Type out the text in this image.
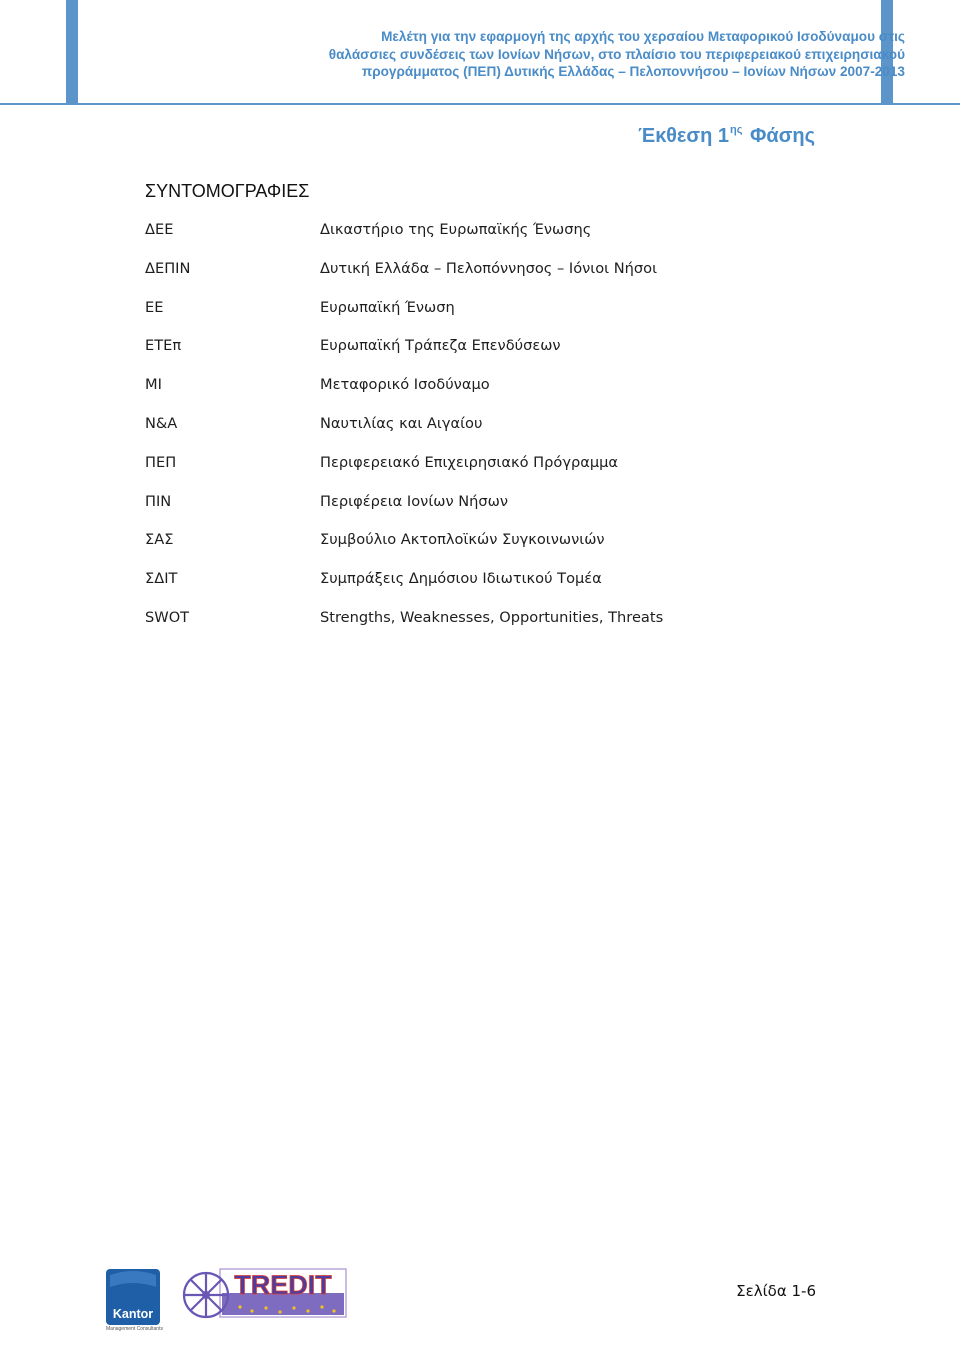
Μελέτη για την εφαρμογή της αρχής του χερσαίου Μεταφορικού Ισοδύναμου στις
θαλάσσιες συνδέσεις των Ιονίων Νήσων, στο πλαίσιο του περιφερειακού επιχειρησιακού
προγράμματος (ΠΕΠ) Δυτικής Ελλάδας – Πελοποννήσου – Ιονίων Νήσων 2007-2013
Έκθεση $1^{\eta\varsigma}$ Φάσης
ΣΥΝΤΟΜΟΓΡΑΦΙΕΣ
ΔΕΕ	Δικαστήριο της Ευρωπαϊκής Ένωσης
ΔΕΠΙΝ	Δυτική Ελλάδα – Πελοπόννησος – Ιόνιοι Νήσοι
ΕΕ	Ευρωπαϊκή Ένωση
ΕΤΕπ	Ευρωπαϊκή Τράπεζα Επενδύσεων
ΜΙ	Μεταφορικό Ισοδύναμο
Ν&Α	Ναυτιλίας και Αιγαίου
ΠΕΠ	Περιφερειακό Επιχειρησιακό Πρόγραμμα
ΠΙΝ	Περιφέρεια Ιονίων Νήσων
ΣΑΣ	Συμβούλιο Ακτοπλοϊκών Συγκοινωνιών
ΣΔΙΤ	Συμπράξεις Δημόσιου Ιδιωτικού Τομέα
SWOT	Strengths, Weaknesses, Opportunities, Threats
Kantor
Management Consultants
TREDIT	Σελίδα 1-6
